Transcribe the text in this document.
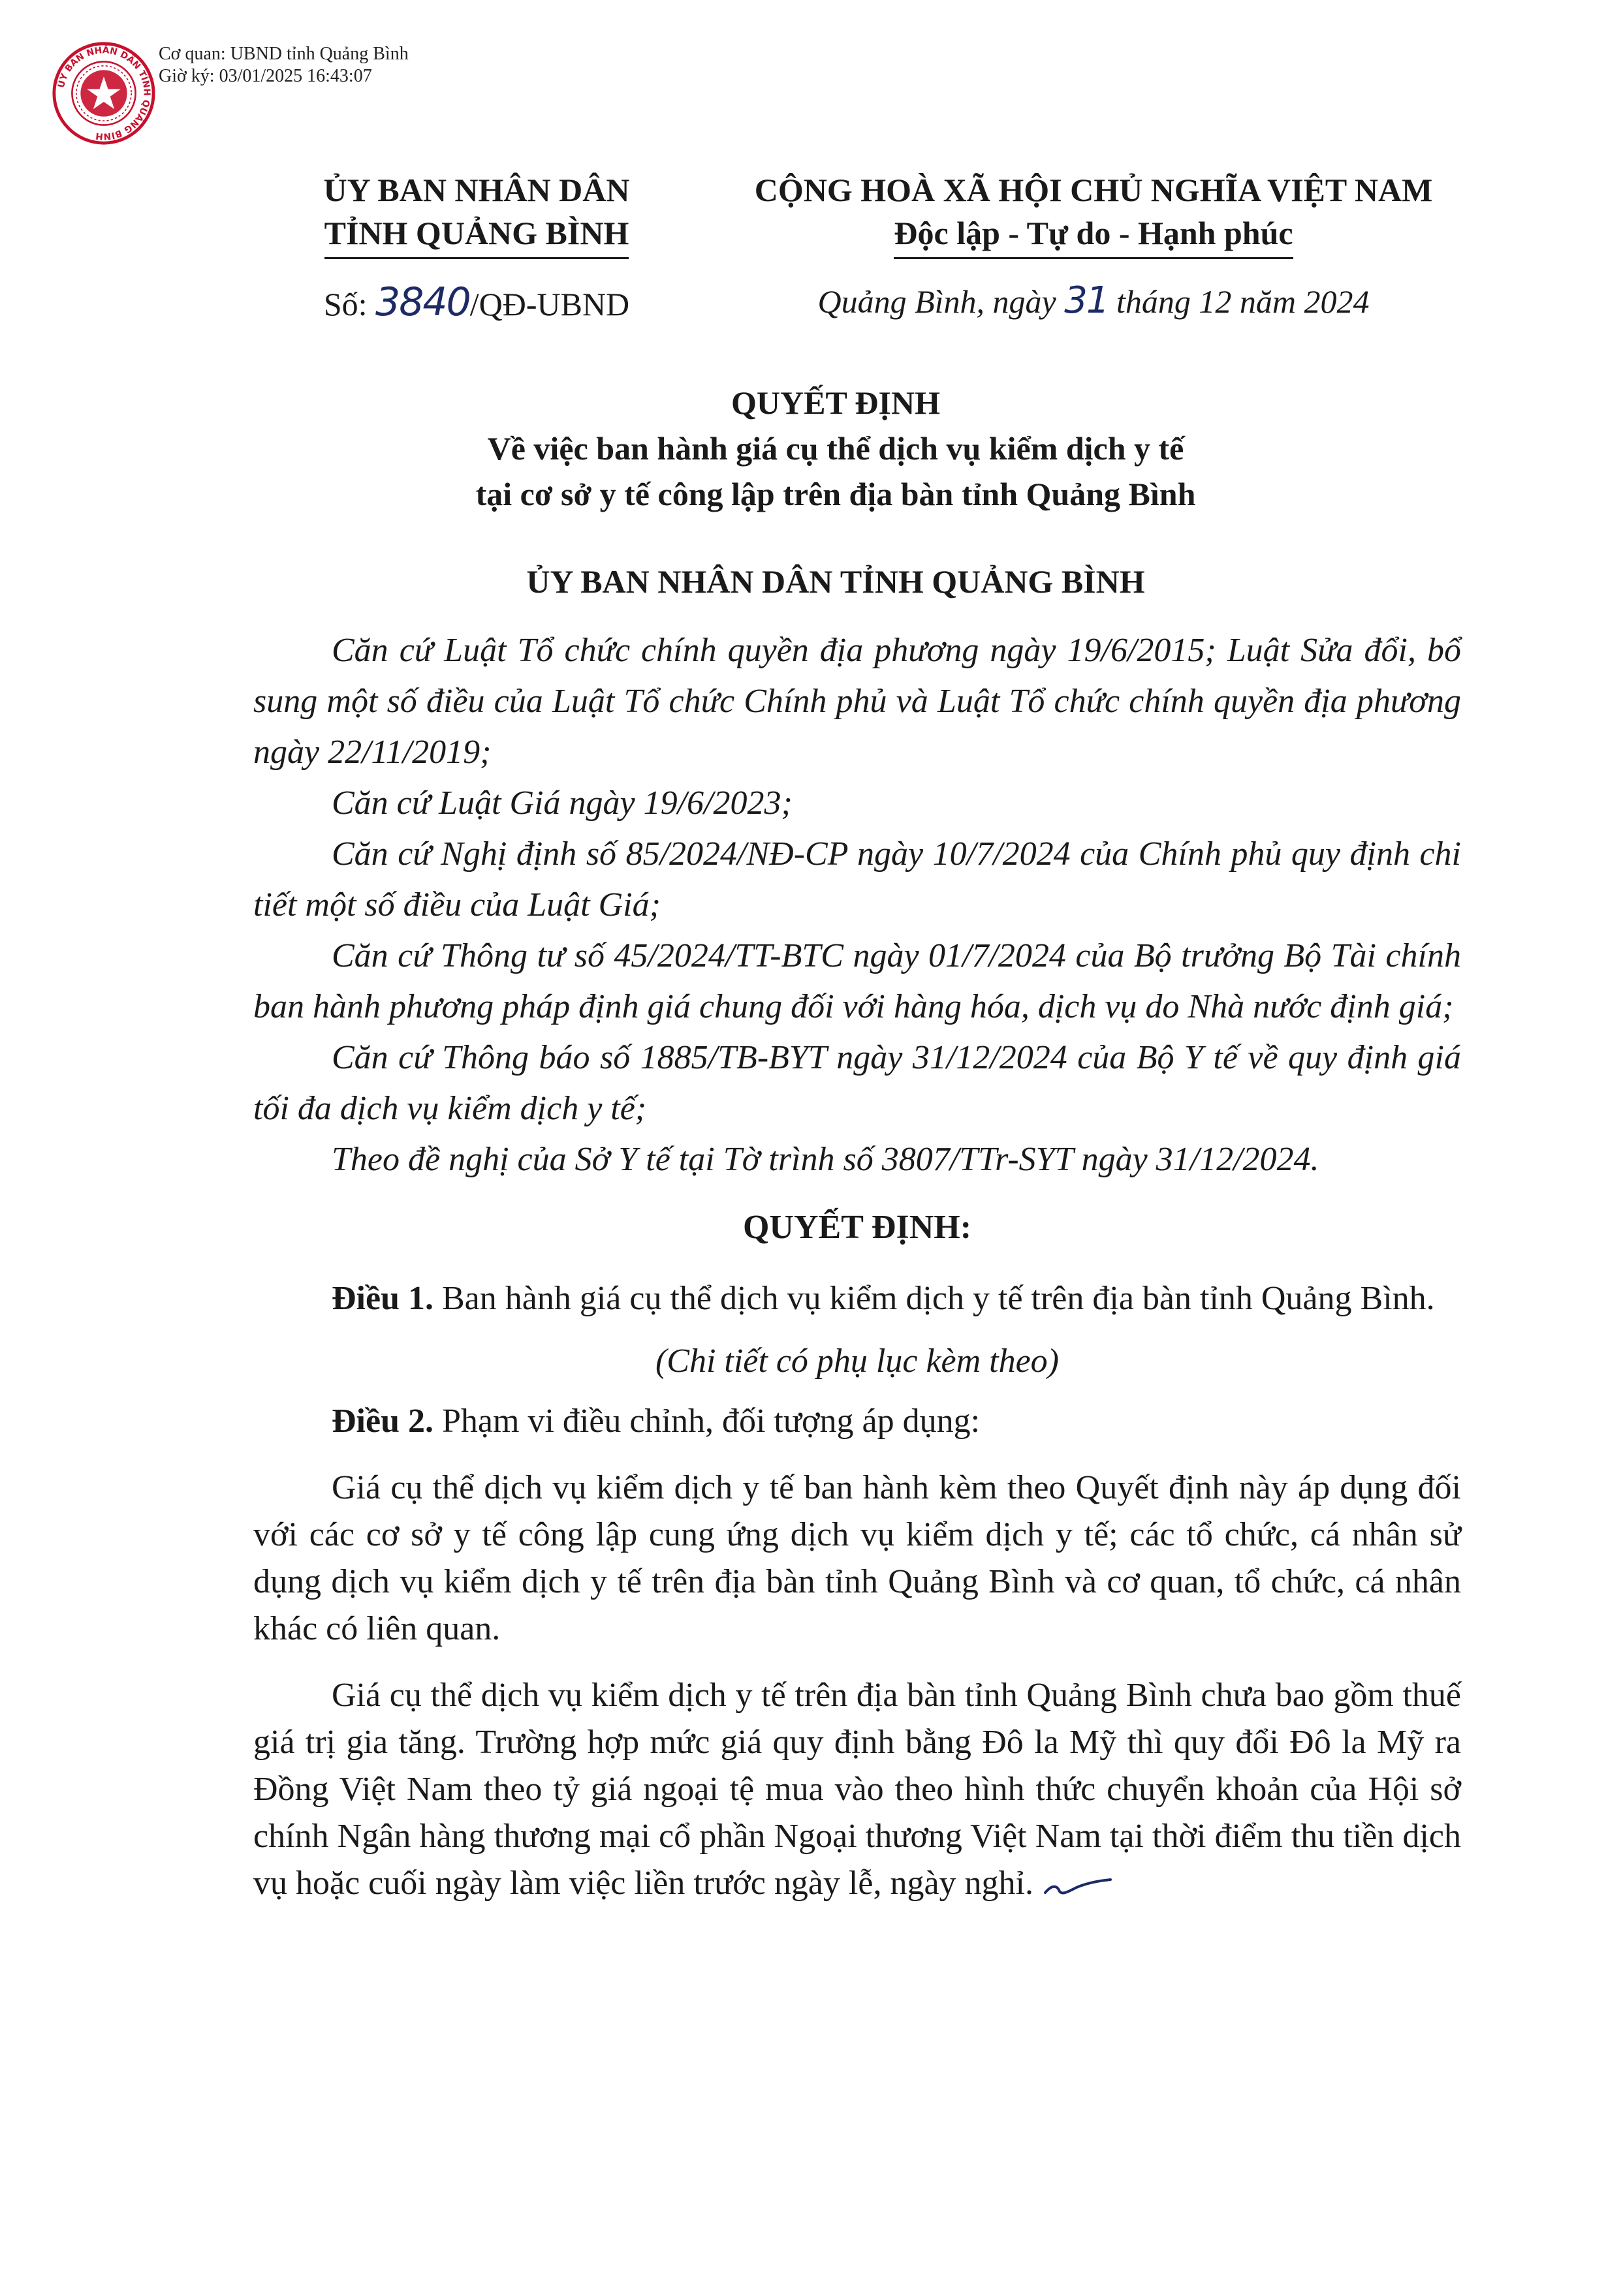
ỦY BAN NHÂN DÂN TỈNH QUẢNG BÌNH
Cơ quan: UBND tỉnh Quảng Bình
Giờ ký: 03/01/2025 16:43:07
ỦY BAN NHÂN DÂN
TỈNH QUẢNG BÌNH
CỘNG HOÀ XÃ HỘI CHỦ NGHĨA VIỆT NAM
Độc lập - Tự do - Hạnh phúc
Số: 3840/QĐ-UBND	Quảng Bình, ngày 31 tháng 12 năm 2024
QUYẾT ĐỊNH
Về việc ban hành giá cụ thể dịch vụ kiểm dịch y tế
tại cơ sở y tế công lập trên địa bàn tỉnh Quảng Bình
ỦY BAN NHÂN DÂN TỈNH QUẢNG BÌNH

Căn cứ Luật Tổ chức chính quyền địa phương ngày 19/6/2015; Luật Sửa đổi, bổ sung một số điều của Luật Tổ chức Chính phủ và Luật Tổ chức chính quyền địa phương ngày 22/11/2019;

Căn cứ Luật Giá ngày 19/6/2023;

Căn cứ Nghị định số 85/2024/NĐ-CP ngày 10/7/2024 của Chính phủ quy định chi tiết một số điều của Luật Giá;

Căn cứ Thông tư số 45/2024/TT-BTC ngày 01/7/2024 của Bộ trưởng Bộ Tài chính ban hành phương pháp định giá chung đối với hàng hóa, dịch vụ do Nhà nước định giá;

Căn cứ Thông báo số 1885/TB-BYT ngày 31/12/2024 của Bộ Y tế về quy định giá tối đa dịch vụ kiểm dịch y tế;

Theo đề nghị của Sở Y tế tại Tờ trình số 3807/TTr-SYT ngày 31/12/2024.

QUYẾT ĐỊNH:

Điều 1. Ban hành giá cụ thể dịch vụ kiểm dịch y tế trên địa bàn tỉnh Quảng Bình.

(Chi tiết có phụ lục kèm theo)

Điều 2. Phạm vi điều chỉnh, đối tượng áp dụng:

Giá cụ thể dịch vụ kiểm dịch y tế ban hành kèm theo Quyết định này áp dụng đối với các cơ sở y tế công lập cung ứng dịch vụ kiểm dịch y tế; các tổ chức, cá nhân sử dụng dịch vụ kiểm dịch y tế trên địa bàn tỉnh Quảng Bình và cơ quan, tổ chức, cá nhân khác có liên quan.

Giá cụ thể dịch vụ kiểm dịch y tế trên địa bàn tỉnh Quảng Bình chưa bao gồm thuế giá trị gia tăng. Trường hợp mức giá quy định bằng Đô la Mỹ thì quy đổi Đô la Mỹ ra Đồng Việt Nam theo tỷ giá ngoại tệ mua vào theo hình thức chuyển khoản của Hội sở chính Ngân hàng thương mại cổ phần Ngoại thương Việt Nam tại thời điểm thu tiền dịch vụ hoặc cuối ngày làm việc liền trước ngày lễ, ngày nghỉ.
